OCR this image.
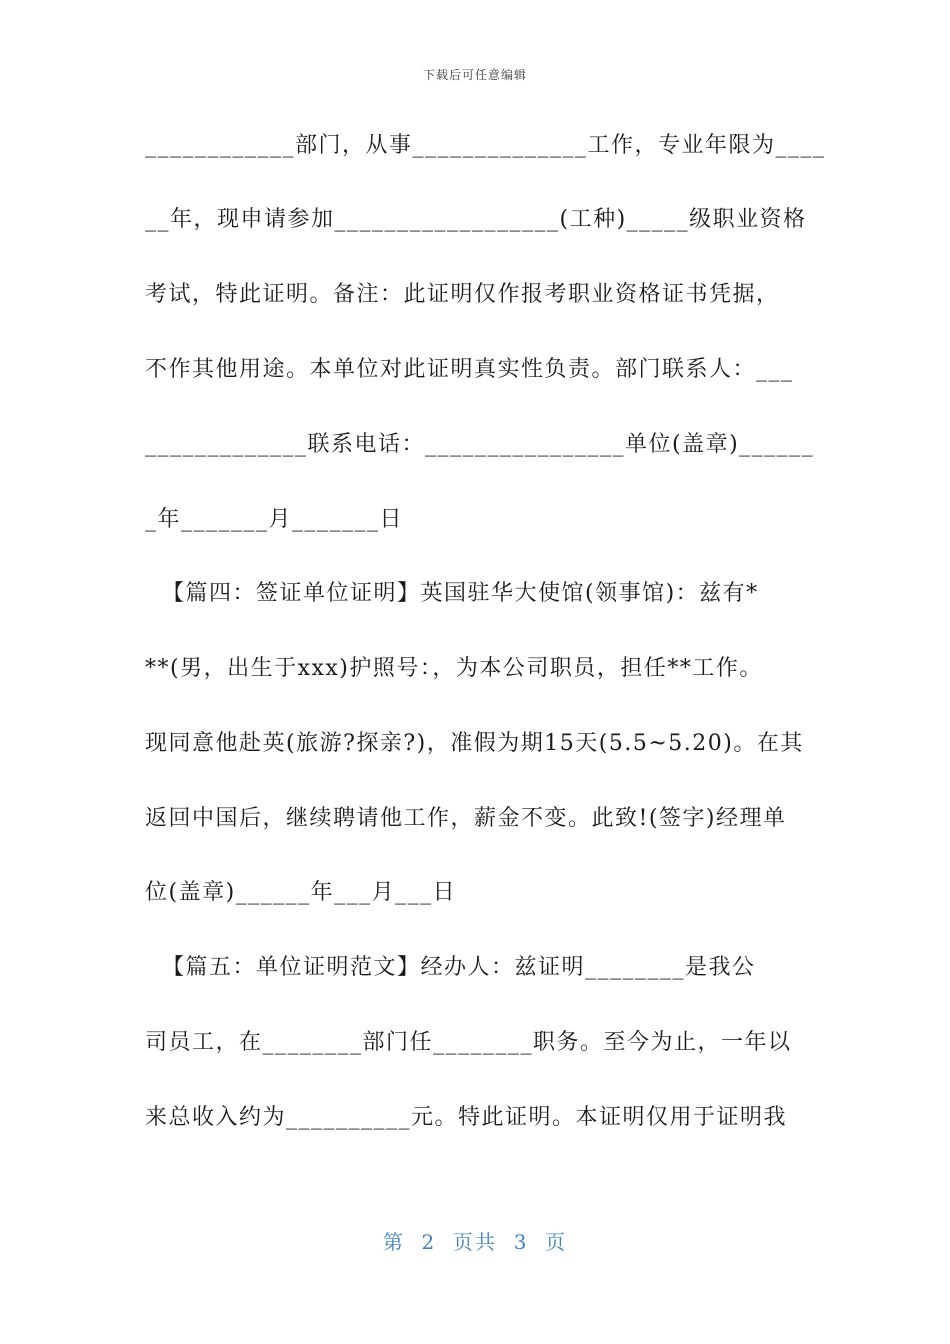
下载后可任意编辑
____________部门，从事______________工作，专业年限为____
__年，现申请参加__________________(工种)_____级职业资格
考试，特此证明。备注：此证明仅作报考职业资格证书凭据，
不作其他用途。本单位对此证明真实性负责。部门联系人：___
_____________联系电话：________________单位(盖章)______
_年_______月_______日
【篇四：签证单位证明】英国驻华大使馆(领事馆)：兹有*
**(男，出生于xxx)护照号：，为本公司职员，担任**工作。
现同意他赴英(旅游?探亲?)，准假为期15天(5.5~5.20)。在其
返回中国后，继续聘请他工作，薪金不变。此致!(签字)经理单
位(盖章)______年___月___日
【篇五：单位证明范文】经办人：兹证明________是我公
司员工，在________部门任________职务。至今为止，一年以
来总收入约为__________元。特此证明。本证明仅用于证明我
第  2  页共  3  页
